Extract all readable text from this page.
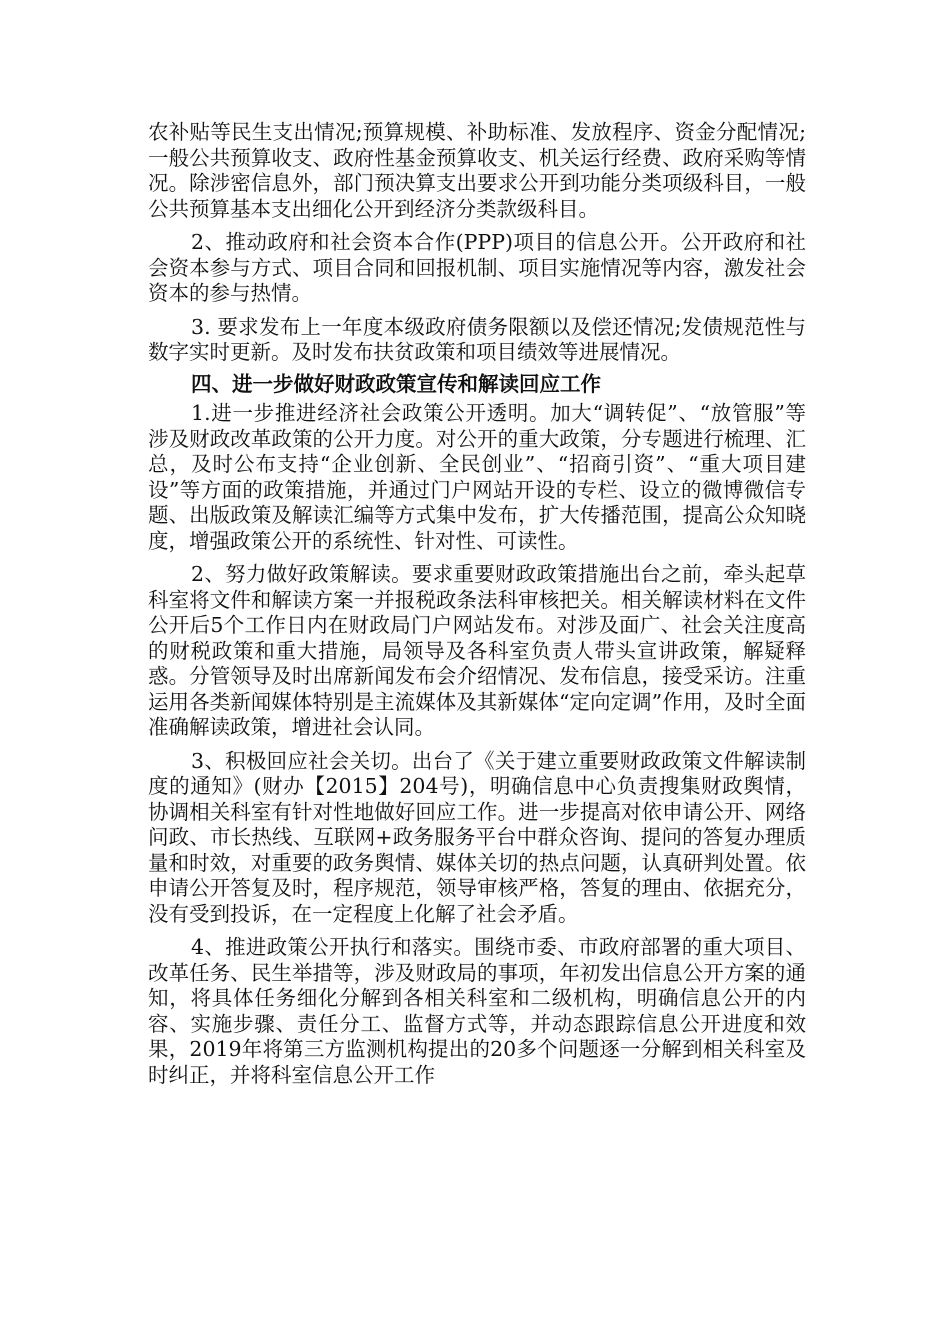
农补贴等民生支出情况;预算规模、补助标准、发放程序、资金分配情况;一般公共预算收支、政府性基金预算收支、机关运行经费、政府采购等情况。除涉密信息外，部门预决算支出要求公开到功能分类项级科目，一般公共预算基本支出细化公开到经济分类款级科目。

2、推动政府和社会资本合作(PPP)项目的信息公开。公开政府和社会资本参与方式、项目合同和回报机制、项目实施情况等内容，激发社会资本的参与热情。

3. 要求发布上一年度本级政府债务限额以及偿还情况;发债规范性与数字实时更新。及时发布扶贫政策和项目绩效等进展情况。

四、进一步做好财政政策宣传和解读回应工作

1.进一步推进经济社会政策公开透明。加大“调转促”、“放管服”等涉及财政改革政策的公开力度。对公开的重大政策，分专题进行梳理、汇总，及时公布支持“企业创新、全民创业”、“招商引资”、“重大项目建设”等方面的政策措施，并通过门户网站开设的专栏、设立的微博微信专题、出版政策及解读汇编等方式集中发布，扩大传播范围，提高公众知晓度，增强政策公开的系统性、针对性、可读性。

2、努力做好政策解读。要求重要财政政策措施出台之前，牵头起草科室将文件和解读方案一并报税政条法科审核把关。相关解读材料在文件公开后5个工作日内在财政局门户网站发布。对涉及面广、社会关注度高的财税政策和重大措施，局领导及各科室负责人带头宣讲政策，解疑释惑。分管领导及时出席新闻发布会介绍情况、发布信息，接受采访。注重运用各类新闻媒体特别是主流媒体及其新媒体“定向定调”作用，及时全面准确解读政策，增进社会认同。

3、积极回应社会关切。出台了《关于建立重要财政政策文件解读制度的通知》(财办【2015】204号)，明确信息中心负责搜集财政舆情，协调相关科室有针对性地做好回应工作。进一步提高对依申请公开、网络问政、市长热线、互联网+政务服务平台中群众咨询、提问的答复办理质量和时效，对重要的政务舆情、媒体关切的热点问题，认真研判处置。依申请公开答复及时，程序规范，领导审核严格，答复的理由、依据充分，没有受到投诉，在一定程度上化解了社会矛盾。

4、推进政策公开执行和落实。围绕市委、市政府部署的重大项目、改革任务、民生举措等，涉及财政局的事项，年初发出信息公开方案的通知，将具体任务细化分解到各相关科室和二级机构，明确信息公开的内容、实施步骤、责任分工、监督方式等，并动态跟踪信息公开进度和效果，2019年将第三方监测机构提出的20多个问题逐一分解到相关科室及时纠正，并将科室信息公开工作
